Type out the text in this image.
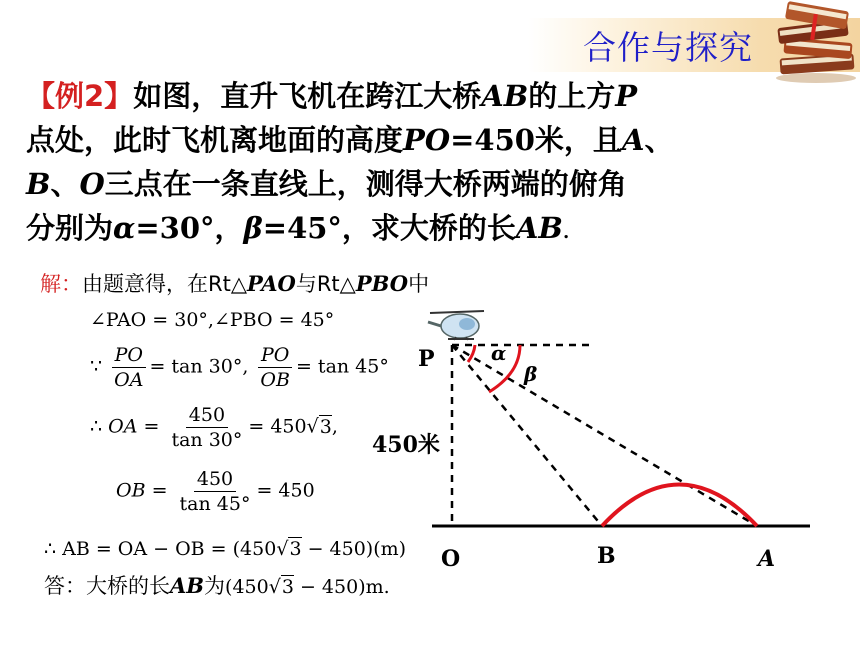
合作与探究
【例2】如图，直升飞机在跨江大桥AB的上方P
点处，此时飞机离地面的高度PO=450米，且A、
B、O三点在一条直线上，测得大桥两端的俯角
分别为α=30°，β=45°，求大桥的长AB.
解：由题意得，在Rt△PAO与Rt△PBO中
∠PAO = 30°,∠PBO = 45°
∵ $\frac{PO}{OA} = \tan 30^\circ$, $\frac{PO}{OB} = \tan 45^\circ$
∴ OA = $\frac{450}{\tan 30^\circ} = 450√3$,
OB = $\frac{450}{\tan 45^\circ} = 450$
∴ AB = OA − OB = (450√3 − 450)(m)
答：大桥的长AB为(450√3 − 450)m.
P	α
β
450米
O	B	A
